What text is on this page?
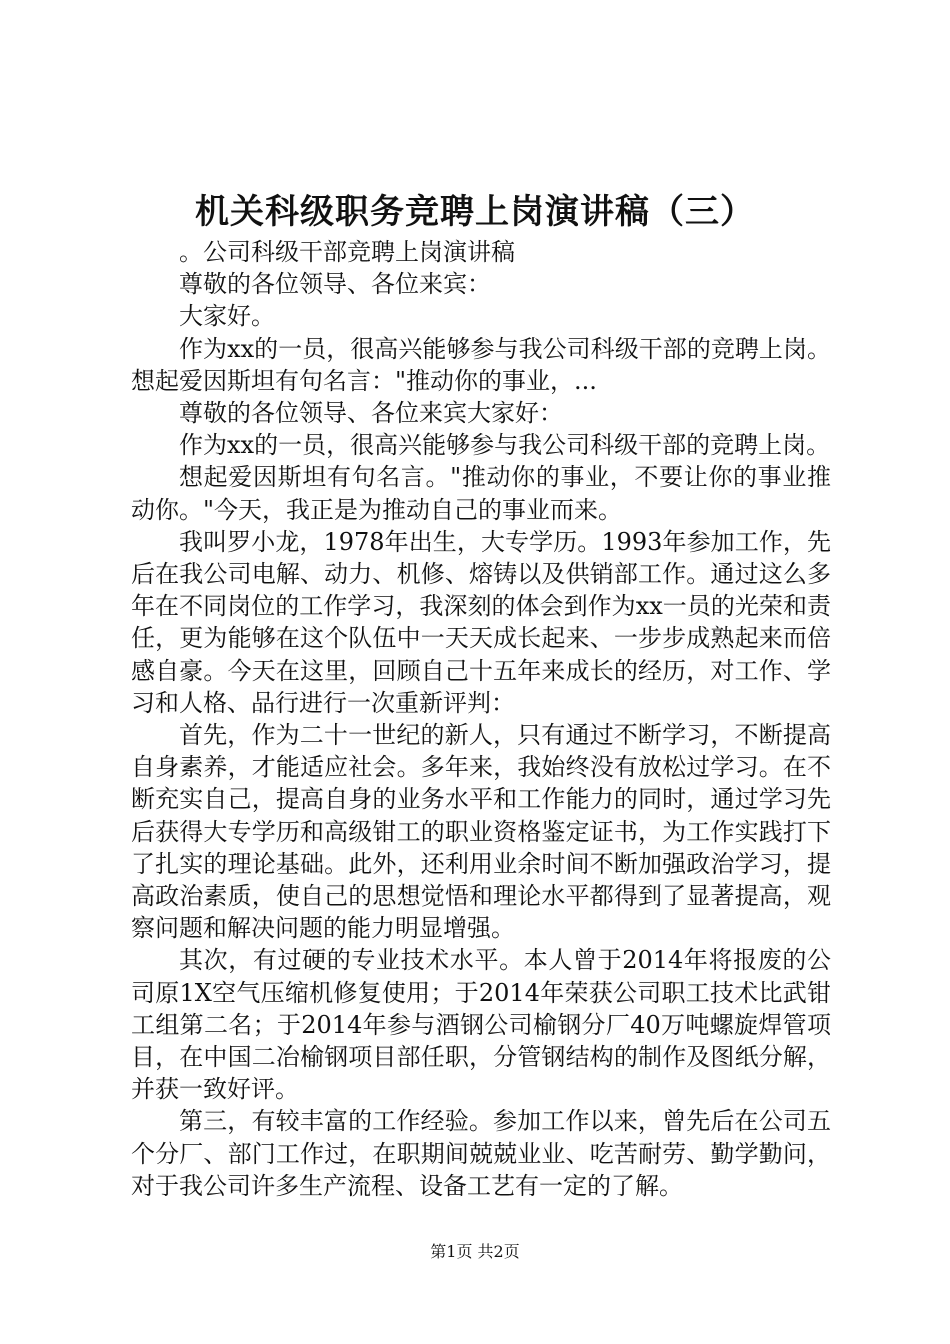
机关科级职务竞聘上岗演讲稿（三）

。公司科级干部竞聘上岗演讲稿

尊敬的各位领导、各位来宾：

大家好。

作为xx的一员，很高兴能够参与我公司科级干部的竞聘上岗。想起爱因斯坦有句名言："推动你的事业，...

尊敬的各位领导、各位来宾大家好：

作为xx的一员，很高兴能够参与我公司科级干部的竞聘上岗。

想起爱因斯坦有句名言。"推动你的事业，不要让你的事业推动你。"今天，我正是为推动自己的事业而来。

我叫罗小龙，1978年出生，大专学历。1993年参加工作，先后在我公司电解、动力、机修、熔铸以及供销部工作。通过这么多年在不同岗位的工作学习，我深刻的体会到作为xx一员的光荣和责任，更为能够在这个队伍中一天天成长起来、一步步成熟起来而倍感自豪。今天在这里，回顾自己十五年来成长的经历，对工作、学习和人格、品行进行一次重新评判：

首先，作为二十一世纪的新人，只有通过不断学习，不断提高自身素养，才能适应社会。多年来，我始终没有放松过学习。在不断充实自己，提高自身的业务水平和工作能力的同时，通过学习先后获得大专学历和高级钳工的职业资格鉴定证书，为工作实践打下了扎实的理论基础。此外，还利用业余时间不断加强政治学习，提高政治素质，使自己的思想觉悟和理论水平都得到了显著提高，观察问题和解决问题的能力明显增强。

其次，有过硬的专业技术水平。本人曾于2014年将报废的公司原1X空气压缩机修复使用；于2014年荣获公司职工技术比武钳工组第二名；于2014年参与酒钢公司榆钢分厂40万吨螺旋焊管项目，在中国二冶榆钢项目部任职，分管钢结构的制作及图纸分解，并获一致好评。

第三，有较丰富的工作经验。参加工作以来，曾先后在公司五个分厂、部门工作过，在职期间兢兢业业、吃苦耐劳、勤学勤问，对于我公司许多生产流程、设备工艺有一定的了解。

第1页 共2页
